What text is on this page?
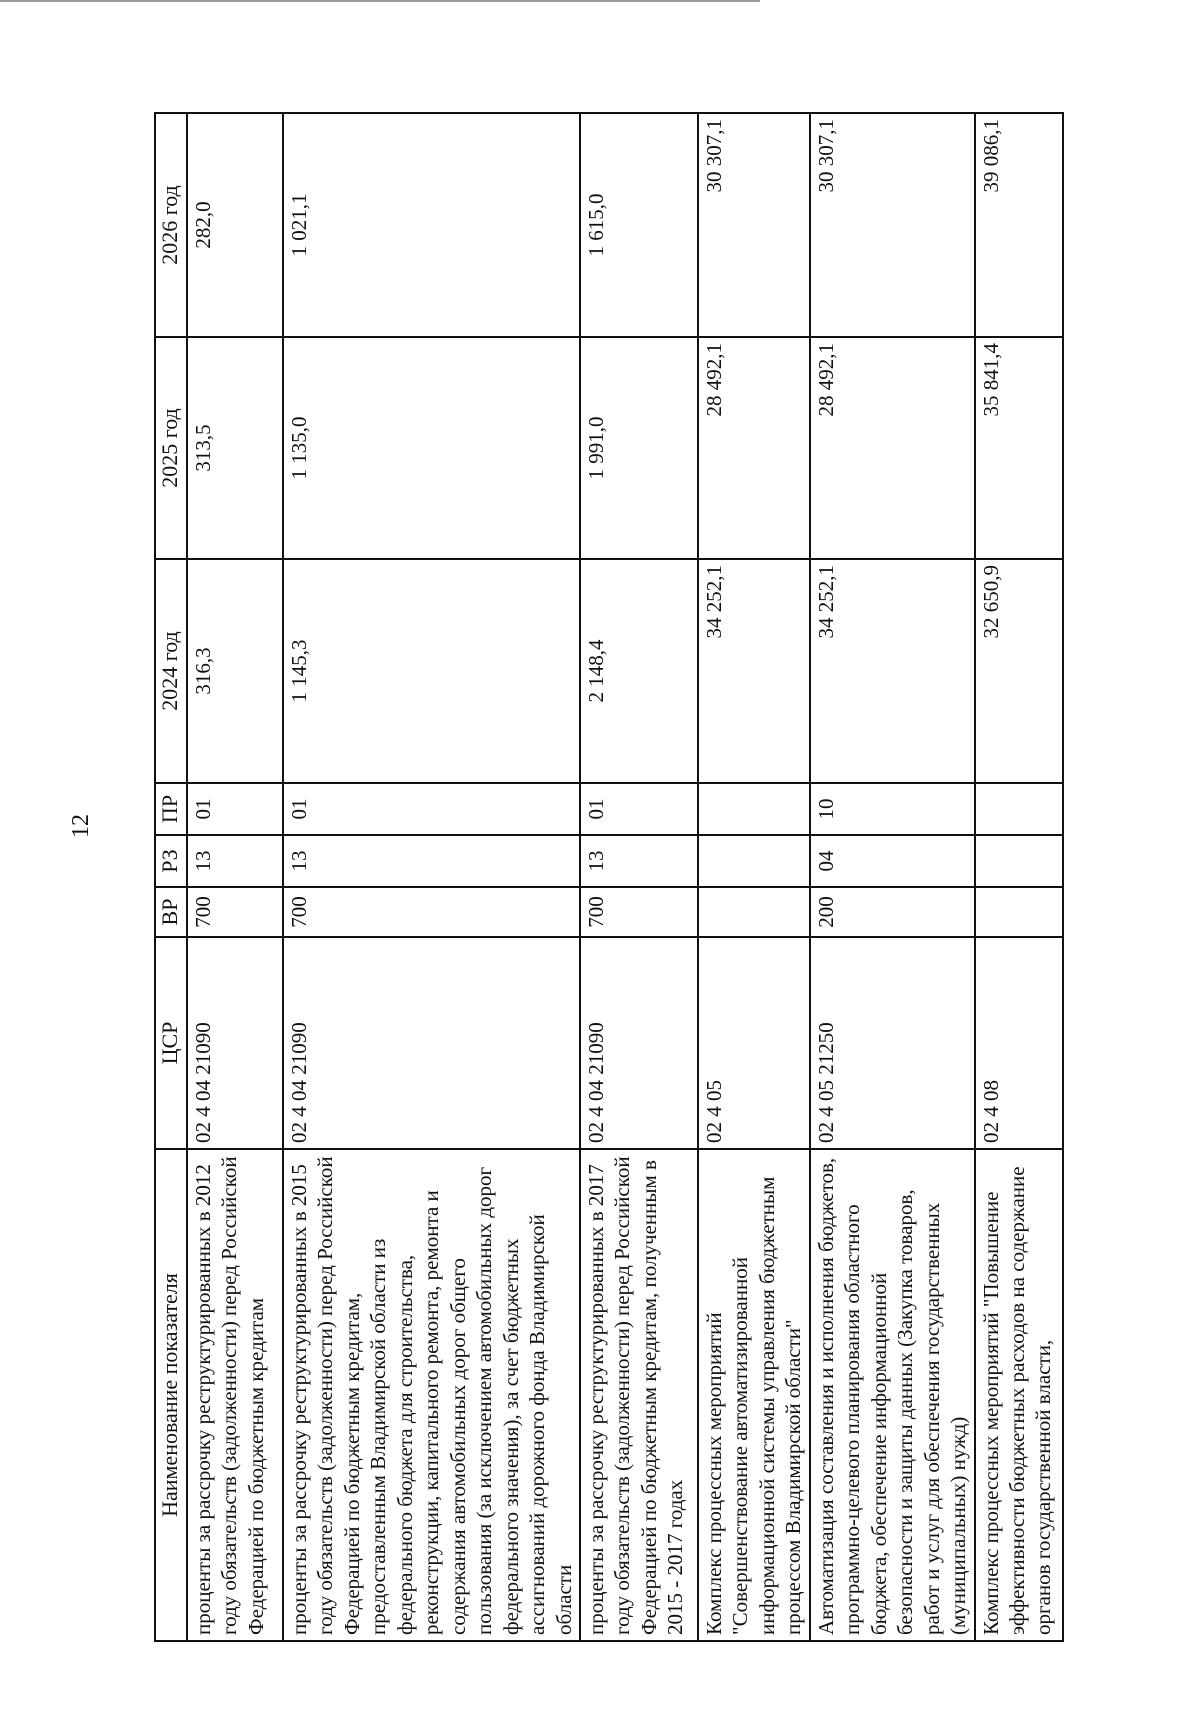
12
Наименование показателя	ЦСР	ВР	РЗ	ПР	2024 год	2025 год	2026 год
проценты за рассрочку реструктурированных в 2012 году обязательств (задолженности) перед Российской Федерацией по бюджетным кредитам	02 4 04 21090	700	13	01	316,3	313,5	282,0
проценты за рассрочку реструктурированных в 2015 году обязательств (задолженности) перед Российской Федерацией по бюджетным кредитам, предоставленным Владимирской области из федерального бюджета для строительства, реконструкции, капитального ремонта, ремонта и содержания автомобильных дорог общего пользования (за исключением автомобильных дорог федерального значения), за счет бюджетных ассигнований дорожного фонда Владимирской области	02 4 04 21090	700	13	01	1 145,3	1 135,0	1 021,1
проценты за рассрочку реструктурированных в 2017 году обязательств (задолженности) перед Российской Федерацией по бюджетным кредитам, полученным в 2015 - 2017 годах	02 4 04 21090	700	13	01	2 148,4	1 991,0	1 615,0
Комплекс процессных мероприятий "Совершенствование автоматизированной информационной системы управления бюджетным процессом Владимирской области"	02 4 05				34 252,1	28 492,1	30 307,1
Автоматизация составления и исполнения бюджетов, программно-целевого планирования областного бюджета, обеспечение информационной безопасности и защиты данных (Закупка товаров, работ и услуг для обеспечения государственных (муниципальных) нужд)	02 4 05 21250	200	04	10	34 252,1	28 492,1	30 307,1
Комплекс процессных мероприятий "Повышение эффективности бюджетных расходов на содержание органов государственной власти,	02 4 08				32 650,9	35 841,4	39 086,1
